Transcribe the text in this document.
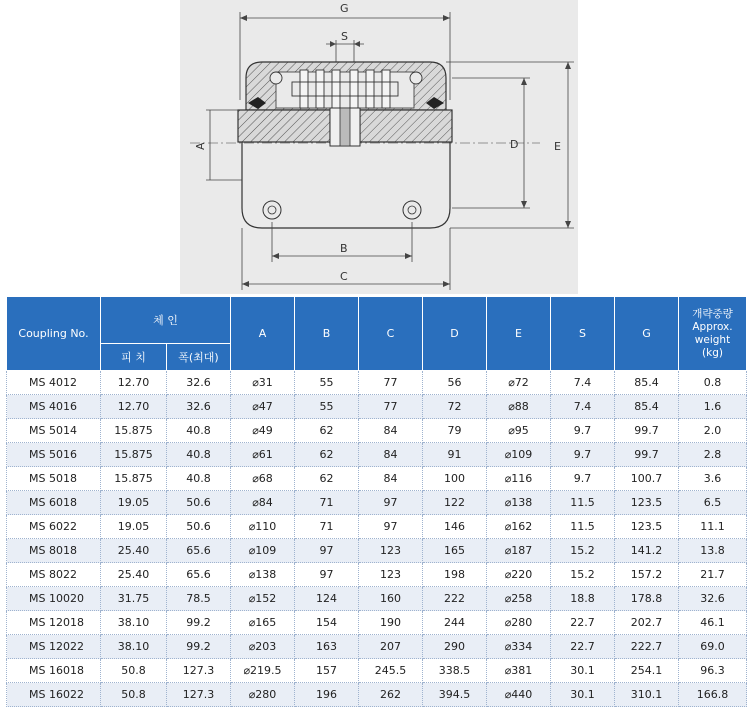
G
S
A	D	E
B
C
Coupling No.	체 인		A	B	C	D	E	S	G	개략중량
Approx.
weight
(kg)

	피 치	폭(최대)								
MS 4012	12.70	32.6	⌀31	55	77	56	⌀72	7.4	85.4	0.8
MS 4016	12.70	32.6	⌀47	55	77	72	⌀88	7.4	85.4	1.6
MS 5014	15.875	40.8	⌀49	62	84	79	⌀95	9.7	99.7	2.0
MS 5016	15.875	40.8	⌀61	62	84	91	⌀109	9.7	99.7	2.8
MS 5018	15.875	40.8	⌀68	62	84	100	⌀116	9.7	100.7	3.6
MS 6018	19.05	50.6	⌀84	71	97	122	⌀138	11.5	123.5	6.5
MS 6022	19.05	50.6	⌀110	71	97	146	⌀162	11.5	123.5	11.1
MS 8018	25.40	65.6	⌀109	97	123	165	⌀187	15.2	141.2	13.8
MS 8022	25.40	65.6	⌀138	97	123	198	⌀220	15.2	157.2	21.7
MS 10020	31.75	78.5	⌀152	124	160	222	⌀258	18.8	178.8	32.6
MS 12018	38.10	99.2	⌀165	154	190	244	⌀280	22.7	202.7	46.1
MS 12022	38.10	99.2	⌀203	163	207	290	⌀334	22.7	222.7	69.0
MS 16018	50.8	127.3	⌀219.5	157	245.5	338.5	⌀381	30.1	254.1	96.3
MS 16022	50.8	127.3	⌀280	196	262	394.5	⌀440	30.1	310.1	166.8
